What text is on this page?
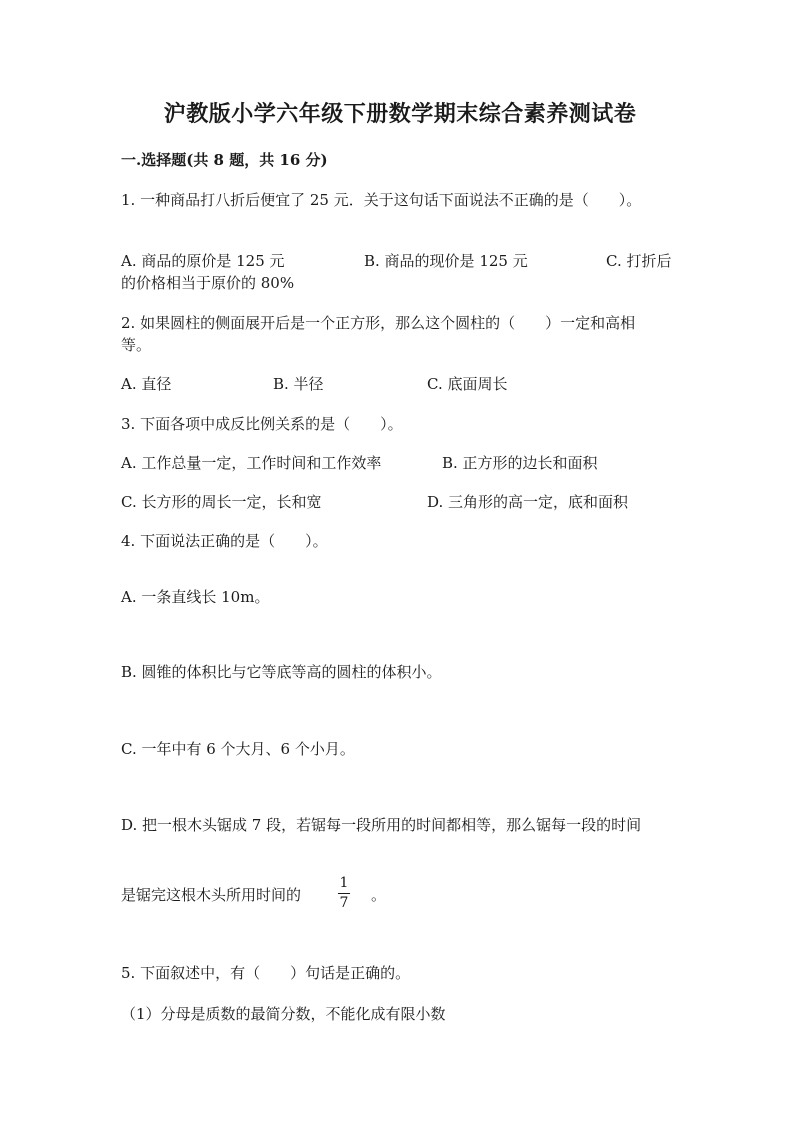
沪教版小学六年级下册数学期末综合素养测试卷
一.选择题(共 8 题，共 16 分)
1. 一种商品打八折后便宜了 25 元．关于这句话下面说法不正确的是（　　）。
A. 商品的原价是 125 元	B. 商品的现价是 125 元	C. 打折后
的价格相当于原价的 80%
2. 如果圆柱的侧面展开后是一个正方形，那么这个圆柱的（　　）一定和高相
等。
A. 直径	B. 半径	C. 底面周长
3. 下面各项中成反比例关系的是（　　）。
A. 工作总量一定，工作时间和工作效率	B. 正方形的边长和面积
C. 长方形的周长一定，长和宽	D. 三角形的高一定，底和面积
4. 下面说法正确的是（　　）。
A. 一条直线长 10m。
B. 圆锥的体积比与它等底等高的圆柱的体积小。
C. 一年中有 6 个大月、6 个小月。
D. 把一根木头锯成 7 段，若锯每一段所用的时间都相等，那么锯每一段的时间
是锯完这根木头所用时间的
1
7 。
5. 下面叙述中，有（　　）句话是正确的。
（1）分母是质数的最简分数，不能化成有限小数
